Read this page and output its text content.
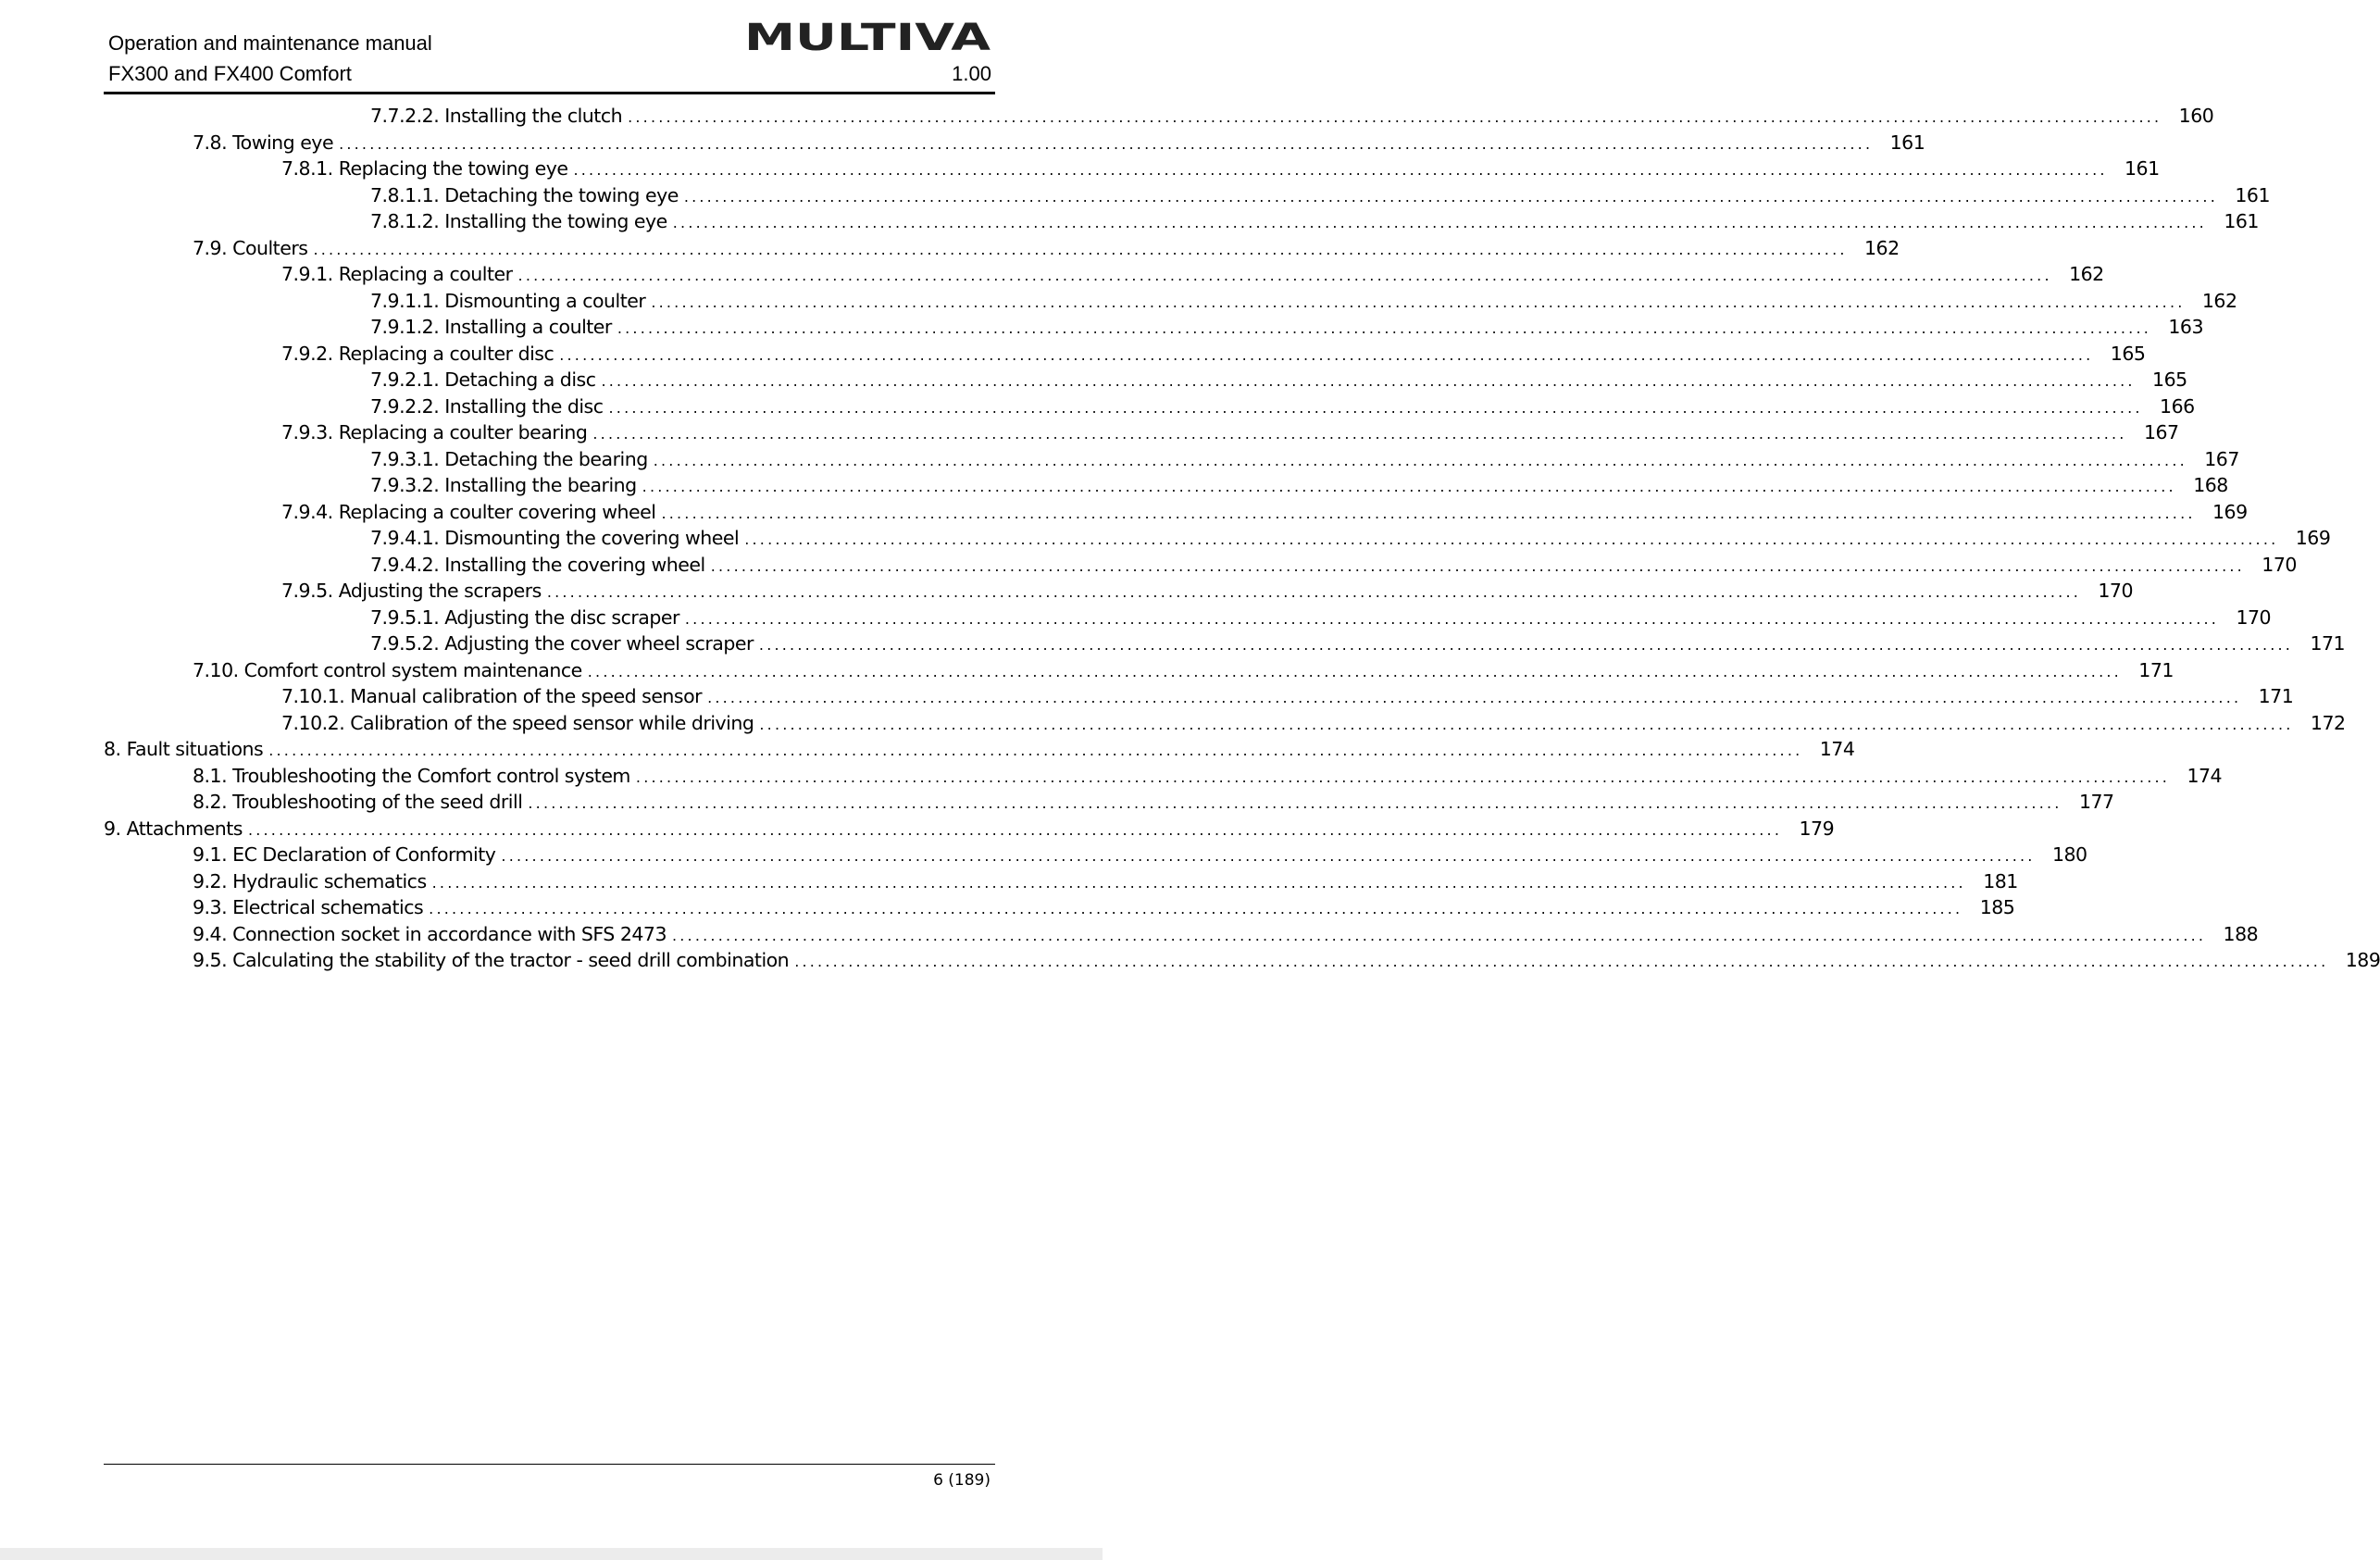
Operation and maintenance manual
FX300 and FX400 Comfort	1.00
MULTIVA
7.7.2.2. Installing the clutch ........................................................................................................................................................................................................ 160
7.8. Towing eye ........................................................................................................................................................................................................ 161
7.8.1. Replacing the towing eye ........................................................................................................................................................................................................ 161
7.8.1.1. Detaching the towing eye ........................................................................................................................................................................................................ 161
7.8.1.2. Installing the towing eye ........................................................................................................................................................................................................ 161
7.9. Coulters ........................................................................................................................................................................................................ 162
7.9.1. Replacing a coulter ........................................................................................................................................................................................................ 162
7.9.1.1. Dismounting a coulter ........................................................................................................................................................................................................ 162
7.9.1.2. Installing a coulter ........................................................................................................................................................................................................ 163
7.9.2. Replacing a coulter disc ........................................................................................................................................................................................................ 165
7.9.2.1. Detaching a disc ........................................................................................................................................................................................................ 165
7.9.2.2. Installing the disc ........................................................................................................................................................................................................ 166
7.9.3. Replacing a coulter bearing ........................................................................................................................................................................................................ 167
7.9.3.1. Detaching the bearing ........................................................................................................................................................................................................ 167
7.9.3.2. Installing the bearing ........................................................................................................................................................................................................ 168
7.9.4. Replacing a coulter covering wheel ........................................................................................................................................................................................................ 169
7.9.4.1. Dismounting the covering wheel ........................................................................................................................................................................................................ 169
7.9.4.2. Installing the covering wheel ........................................................................................................................................................................................................ 170
7.9.5. Adjusting the scrapers ........................................................................................................................................................................................................ 170
7.9.5.1. Adjusting the disc scraper ........................................................................................................................................................................................................ 170
7.9.5.2. Adjusting the cover wheel scraper ........................................................................................................................................................................................................ 171
7.10. Comfort control system maintenance ........................................................................................................................................................................................................ 171
7.10.1. Manual calibration of the speed sensor ........................................................................................................................................................................................................ 171
7.10.2. Calibration of the speed sensor while driving ........................................................................................................................................................................................................ 172
8. Fault situations ........................................................................................................................................................................................................ 174
8.1. Troubleshooting the Comfort control system ........................................................................................................................................................................................................ 174
8.2. Troubleshooting of the seed drill ........................................................................................................................................................................................................ 177
9. Attachments ........................................................................................................................................................................................................ 179
9.1. EC Declaration of Conformity ........................................................................................................................................................................................................ 180
9.2. Hydraulic schematics ........................................................................................................................................................................................................ 181
9.3. Electrical schematics ........................................................................................................................................................................................................ 185
9.4. Connection socket in accordance with SFS 2473 ........................................................................................................................................................................................................ 188
9.5. Calculating the stability of the tractor - seed drill combination ........................................................................................................................................................................................................ 189
6 (189)
